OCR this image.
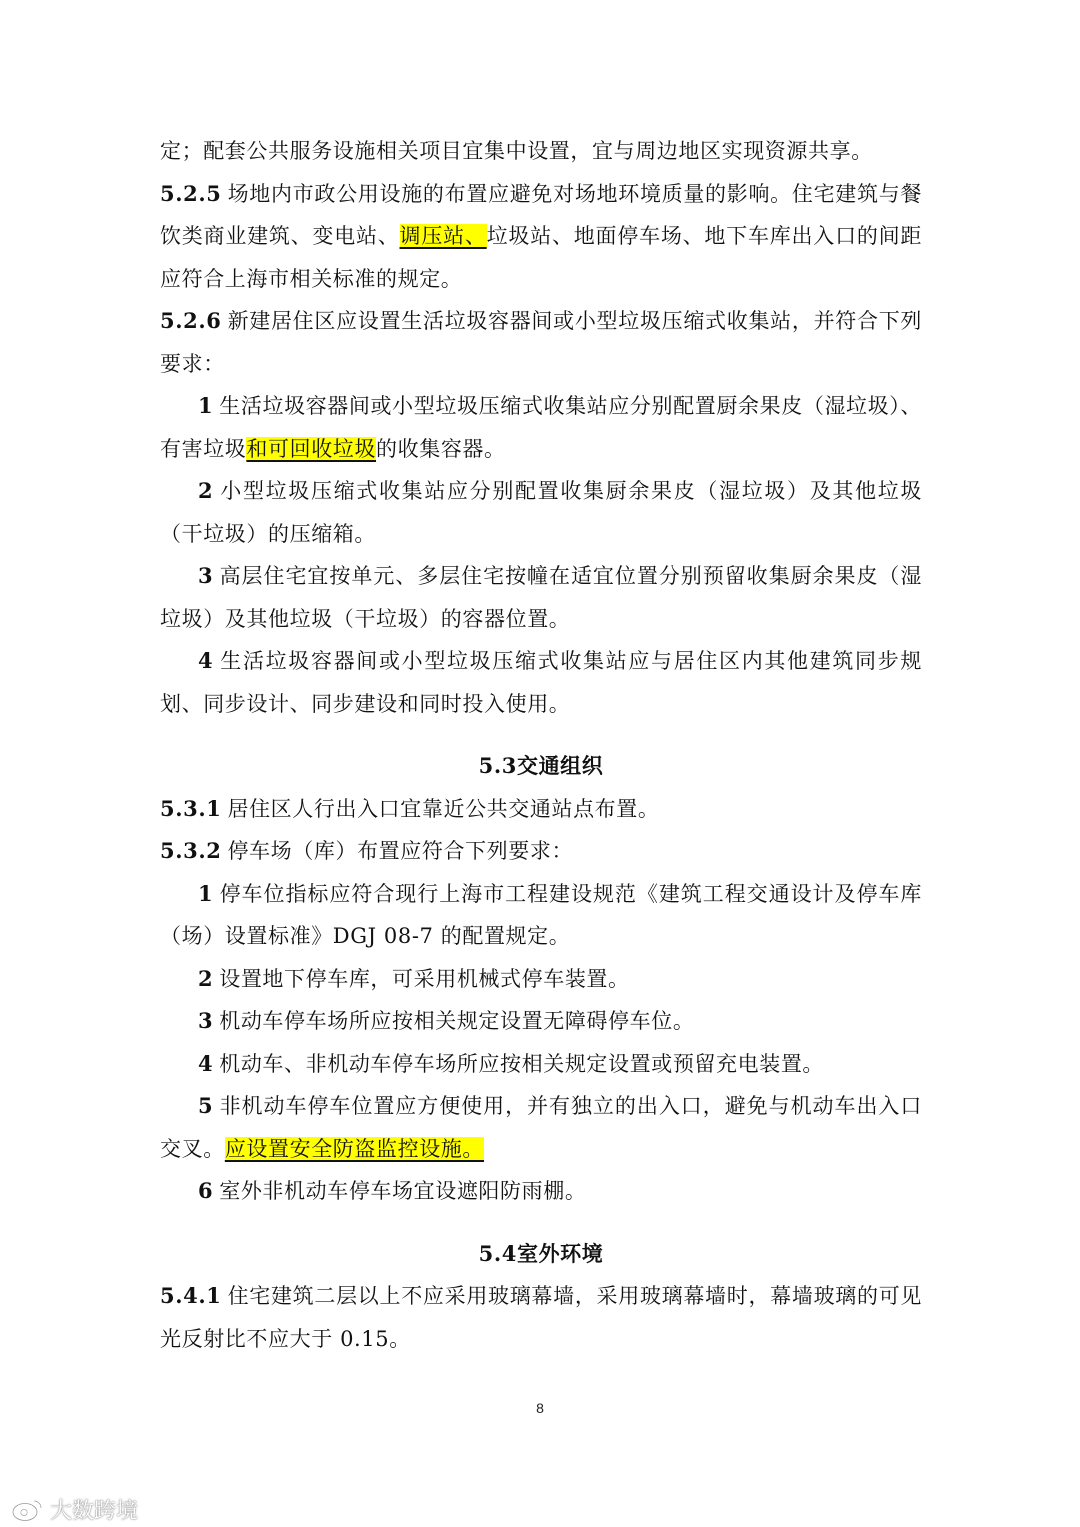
定；配套公共服务设施相关项目宜集中设置，宜与周边地区实现资源共享。

5.2.5 场地内市政公用设施的布置应避免对场地环境质量的影响。住宅建筑与餐饮类商业建筑、变电站、调压站、垃圾站、地面停车场、地下车库出入口的间距应符合上海市相关标准的规定。

5.2.6 新建居住区应设置生活垃圾容器间或小型垃圾压缩式收集站，并符合下列要求：

1 生活垃圾容器间或小型垃圾压缩式收集站应分别配置厨余果皮（湿垃圾）、有害垃圾和可回收垃圾的收集容器。

2 小型垃圾压缩式收集站应分别配置收集厨余果皮（湿垃圾）及其他垃圾（干垃圾）的压缩箱。

3 高层住宅宜按单元、多层住宅按幢在适宜位置分别预留收集厨余果皮（湿垃圾）及其他垃圾（干垃圾）的容器位置。

4 生活垃圾容器间或小型垃圾压缩式收集站应与居住区内其他建筑同步规划、同步设计、同步建设和同时投入使用。

5.3交通组织

5.3.1 居住区人行出入口宜靠近公共交通站点布置。

5.3.2 停车场（库）布置应符合下列要求：

1 停车位指标应符合现行上海市工程建设规范《建筑工程交通设计及停车库（场）设置标准》DGJ 08-7 的配置规定。

2 设置地下停车库，可采用机械式停车装置。

3 机动车停车场所应按相关规定设置无障碍停车位。

4 机动车、非机动车停车场所应按相关规定设置或预留充电装置。

5 非机动车停车位置应方便使用，并有独立的出入口，避免与机动车出入口交叉。应设置安全防盗监控设施。

6 室外非机动车停车场宜设遮阳防雨棚。

5.4室外环境

5.4.1 住宅建筑二层以上不应采用玻璃幕墙，采用玻璃幕墙时，幕墙玻璃的可见光反射比不应大于 0.15。

8
大数跨境
